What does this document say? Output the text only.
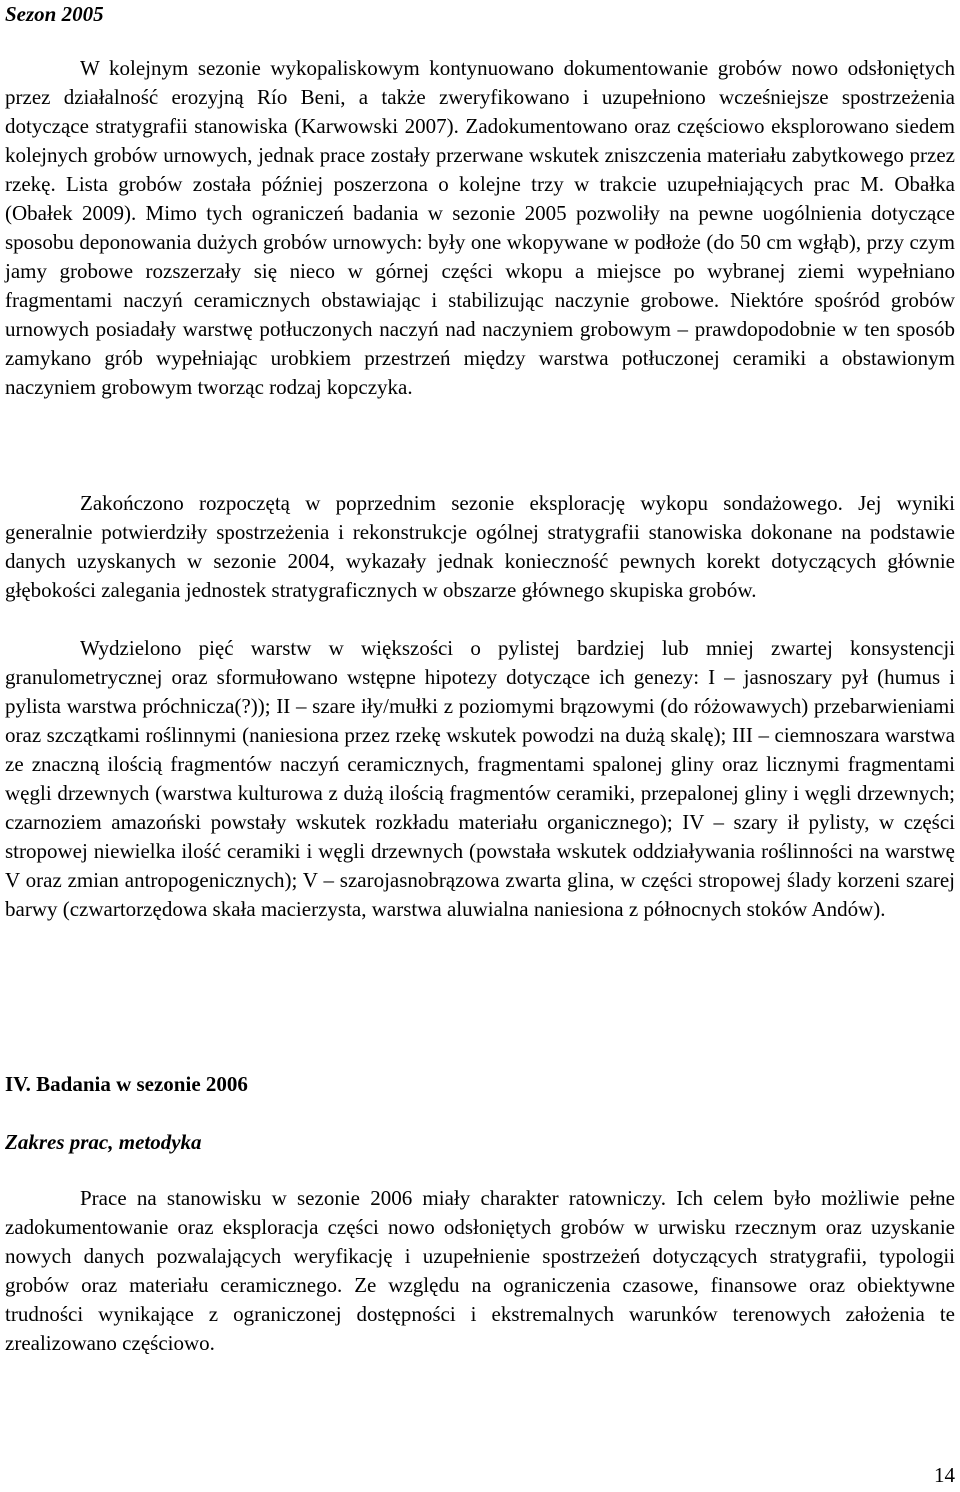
Sezon 2005

W kolejnym sezonie wykopaliskowym kontynuowano dokumentowanie grobów nowo odsłoniętych przez działalność erozyjną Río Beni, a także zweryfikowano i uzupełniono wcześniejsze spostrzeżenia dotyczące stratygrafii stanowiska (Karwowski 2007). Zadokumentowano oraz częściowo eksplorowano siedem kolejnych grobów urnowych, jednak prace zostały przerwane wskutek zniszczenia materiału zabytkowego przez rzekę. Lista grobów została później poszerzona o kolejne trzy w trakcie uzupełniających prac M. Obałka (Obałek 2009). Mimo tych ograniczeń badania w sezonie 2005 pozwoliły na pewne uogólnienia dotyczące sposobu deponowania dużych grobów urnowych: były one wkopywane w podłoże (do 50 cm wgłąb), przy czym jamy grobowe rozszerzały się nieco w górnej części wkopu a miejsce po wybranej ziemi wypełniano fragmentami naczyń ceramicznych obstawiając i stabilizując naczynie grobowe. Niektóre spośród grobów urnowych posiadały warstwę potłuczonych naczyń nad naczyniem grobowym – prawdopodobnie w ten sposób zamykano grób wypełniając urobkiem przestrzeń między warstwa potłuczonej ceramiki a obstawionym naczyniem grobowym tworząc rodzaj kopczyka.

Zakończono rozpoczętą w poprzednim sezonie eksplorację wykopu sondażowego. Jej wyniki generalnie potwierdziły spostrzeżenia i rekonstrukcje ogólnej stratygrafii stanowiska dokonane na podstawie danych uzyskanych w sezonie 2004, wykazały jednak konieczność pewnych korekt dotyczących głównie głębokości zalegania jednostek stratygraficznych w obszarze głównego skupiska grobów.

Wydzielono pięć warstw w większości o pylistej bardziej lub mniej zwartej konsystencji granulometrycznej oraz sformułowano wstępne hipotezy dotyczące ich genezy: I – jasnoszary pył (humus i pylista warstwa próchnicza(?)); II – szare iły/mułki z poziomymi brązowymi (do różowawych) przebarwieniami oraz szczątkami roślinnymi (naniesiona przez rzekę wskutek powodzi na dużą skalę); III – ciemnoszara warstwa ze znaczną ilością fragmentów naczyń ceramicznych, fragmentami spalonej gliny oraz licznymi fragmentami węgli drzewnych (warstwa kulturowa z dużą ilością fragmentów ceramiki, przepalonej gliny i węgli drzewnych; czarnoziem amazoński powstały wskutek rozkładu materiału organicznego); IV – szary ił pylisty, w części stropowej niewielka ilość ceramiki i węgli drzewnych (powstała wskutek oddziaływania roślinności na warstwę V oraz zmian antropogenicznych); V – szarojasnobrązowa zwarta glina, w części stropowej ślady korzeni szarej barwy (czwartorzędowa skała macierzysta, warstwa aluwialna naniesiona z północnych stoków Andów).

IV. Badania w sezonie 2006
Zakres prac, metodyka

Prace na stanowisku w sezonie 2006 miały charakter ratowniczy. Ich celem było możliwie pełne zadokumentowanie oraz eksploracja części nowo odsłoniętych grobów w urwisku rzecznym oraz uzyskanie nowych danych pozwalających weryfikację i uzupełnienie spostrzeżeń dotyczących stratygrafii, typologii grobów oraz materiału ceramicznego. Ze względu na ograniczenia czasowe, finansowe oraz obiektywne trudności wynikające z ograniczonej dostępności i ekstremalnych warunków terenowych założenia te zrealizowano częściowo.

14
